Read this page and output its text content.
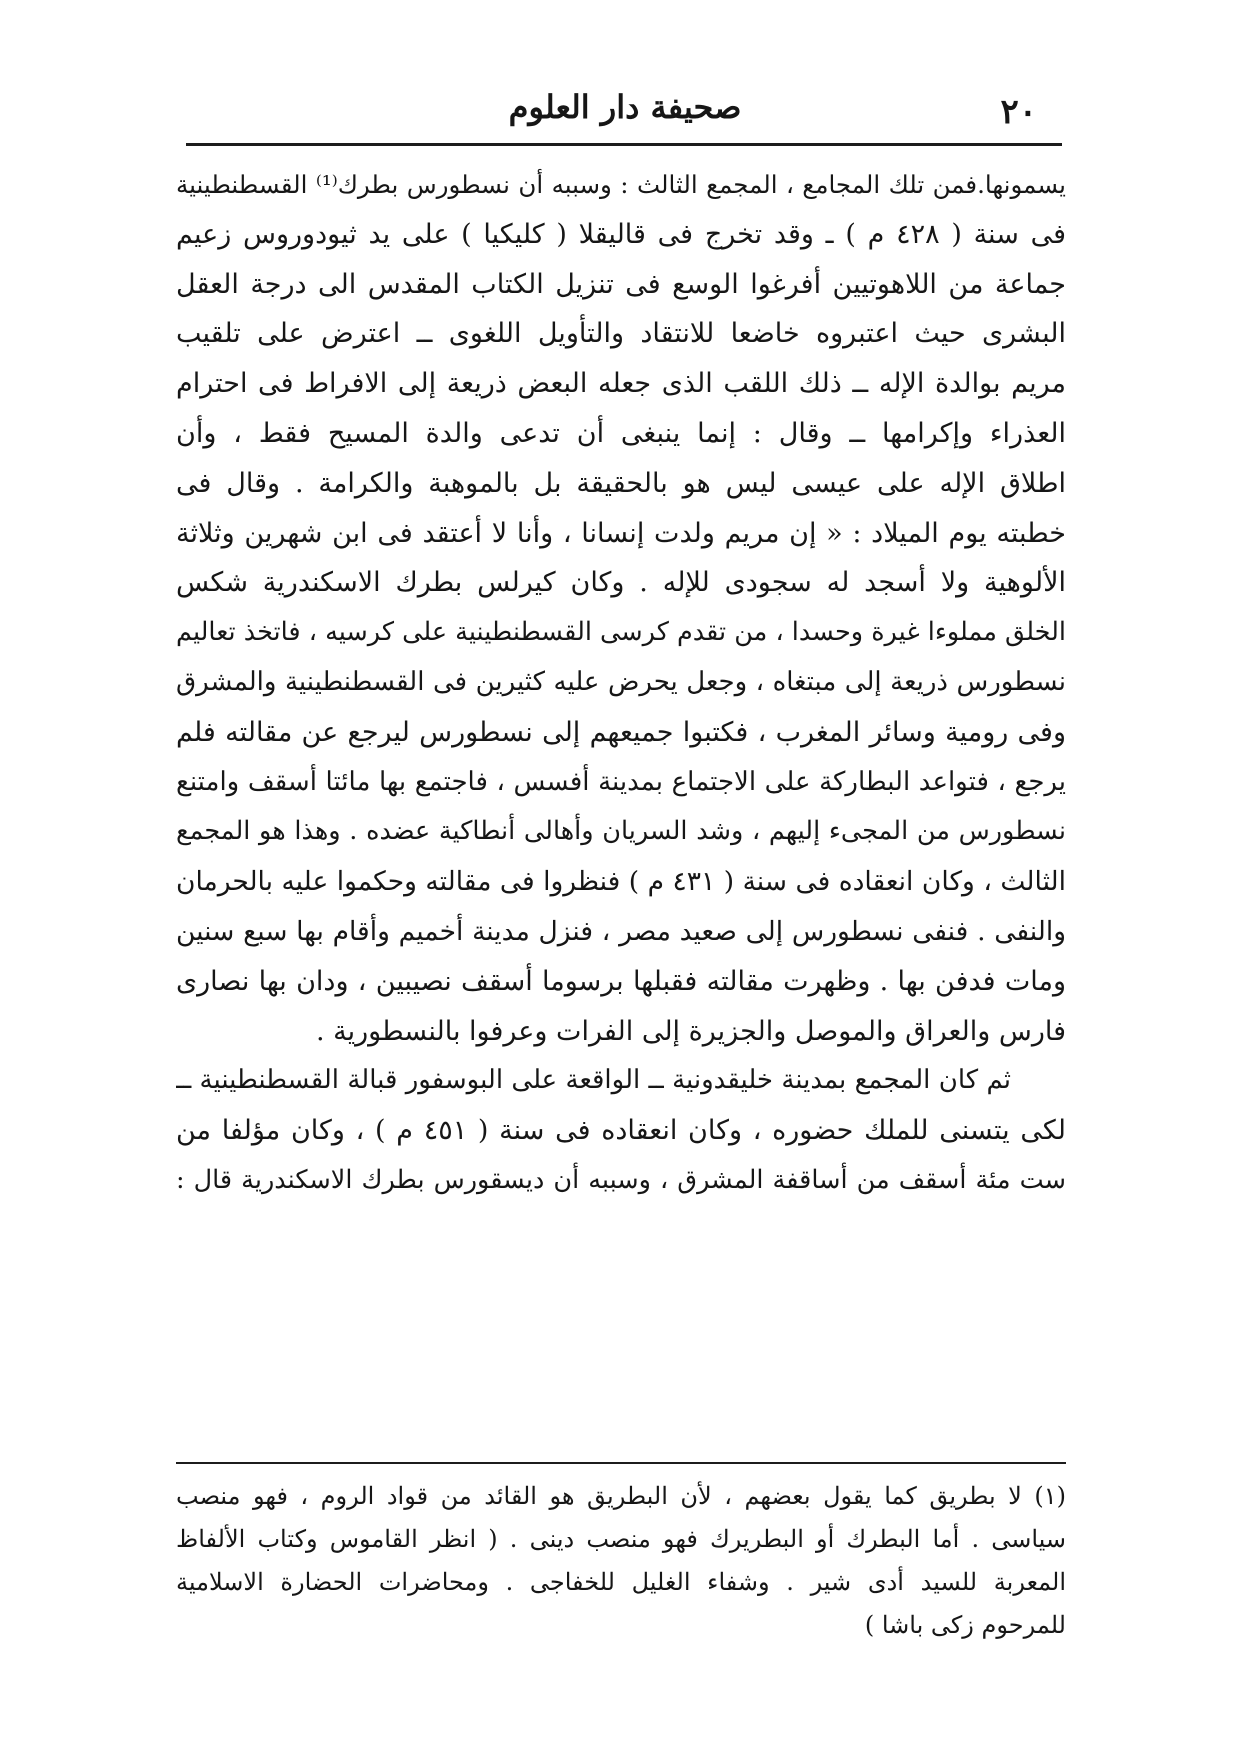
٢٠
صحيفة دار العلوم
يسمونها.فمن تلك المجامع ، المجمع الثالث : وسببه أن نسطورس بطرك⁽¹⁾ القسطنطينية
فى سنة ( ٤٢٨ م ) ـ وقد تخرج فى قاليقلا ( كليكيا ) على يد ثيودوروس زعيم
جماعة من اللاهوتيين أفرغوا الوسع فى تنزيل الكتاب المقدس الى درجة العقل
البشرى حيث اعتبروه خاضعا للانتقاد والتأويل اللغوى ــ اعترض على تلقيب
مريم بوالدة الإله ــ ذلك اللقب الذى جعله البعض ذريعة إلى الافراط فى احترام
العذراء وإكرامها ــ وقال : إنما ينبغى أن تدعى والدة المسيح فقط ، وأن
اطلاق الإله على عيسى ليس هو بالحقيقة بل بالموهبة والكرامة . وقال فى
خطبته يوم الميلاد : « إن مريم ولدت إنسانا ، وأنا لا أعتقد فى ابن شهرين وثلاثة
الألوهية ولا أسجد له سجودى للإله . وكان كيرلس بطرك الاسكندرية شكس
الخلق مملوءا غيرة وحسدا ، من تقدم كرسى القسطنطينية على كرسيه ، فاتخذ تعاليم
نسطورس ذريعة إلى مبتغاه ، وجعل يحرض عليه كثيرين فى القسطنطينية والمشرق
وفى رومية وسائر المغرب ، فكتبوا جميعهم إلى نسطورس ليرجع عن مقالته فلم
يرجع ، فتواعد البطاركة على الاجتماع بمدينة أفسس ، فاجتمع بها مائتا أسقف وامتنع
نسطورس من المجىء إليهم ، وشد السريان وأهالى أنطاكية عضده . وهذا هو المجمع
الثالث ، وكان انعقاده فى سنة ( ٤٣١ م ) فنظروا فى مقالته وحكموا عليه بالحرمان
والنفى . فنفى نسطورس إلى صعيد مصر ، فنزل مدينة أخميم وأقام بها سبع سنين
ومات فدفن بها . وظهرت مقالته فقبلها برسوما أسقف نصيبين ، ودان بها نصارى
فارس والعراق والموصل والجزيرة إلى الفرات وعرفوا بالنسطورية .
ثم كان المجمع بمدينة خليقدونية ــ الواقعة على البوسفور قبالة القسطنطينية ــ
لكى يتسنى للملك حضوره ، وكان انعقاده فى سنة ( ٤٥١ م ) ، وكان مؤلفا من
ست مئة أسقف من أساقفة المشرق ، وسببه أن ديسقورس بطرك الاسكندرية قال :
(١) لا بطريق كما يقول بعضهم ، لأن البطريق هو القائد من قواد الروم ، فهو منصب
سياسى . أما البطرك أو البطريرك فهو منصب دينى . ( انظر القاموس وكتاب الألفاظ
المعربة للسيد أدى شير . وشفاء الغليل للخفاجى . ومحاضرات الحضارة الاسلامية
للمرحوم زكى باشا )
